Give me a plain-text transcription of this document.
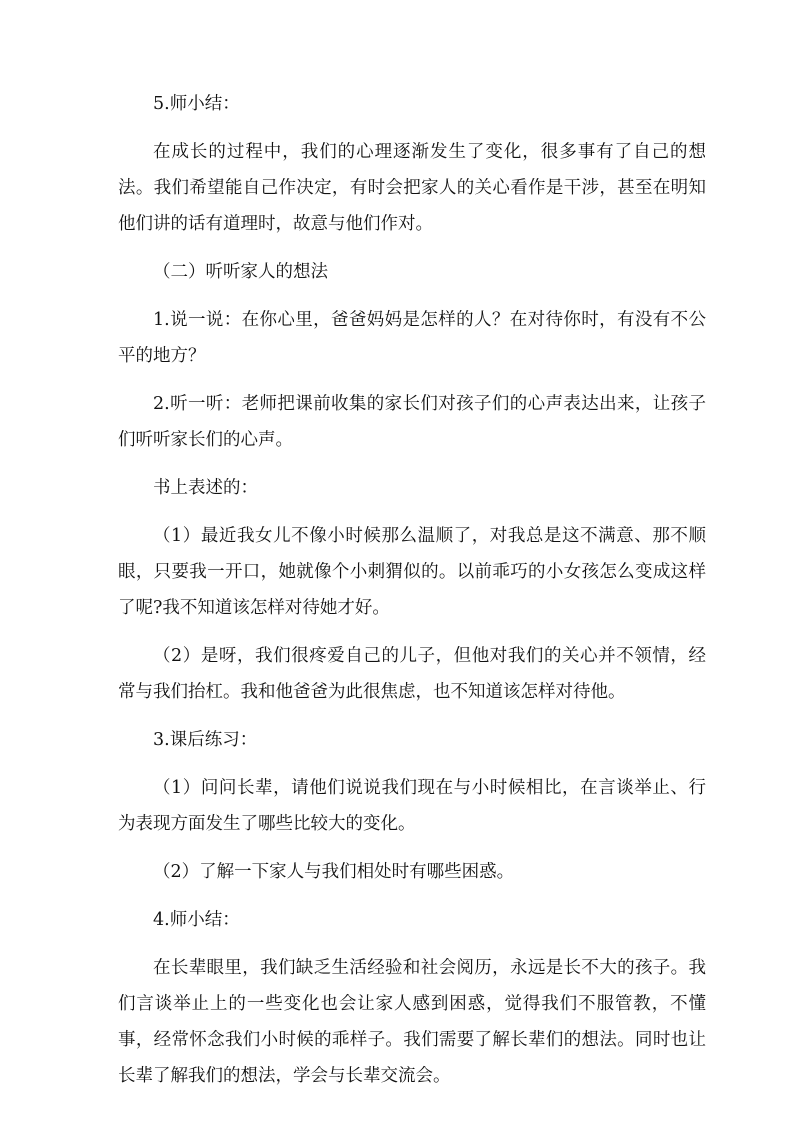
5.师小结：

在成长的过程中，我们的心理逐渐发生了变化，很多事有了自己的想法。我们希望能自己作决定，有时会把家人的关心看作是干涉，甚至在明知他们讲的话有道理时，故意与他们作对。

（二）听听家人的想法

1.说一说：在你心里，爸爸妈妈是怎样的人？在对待你时，有没有不公平的地方？

2.听一听：老师把课前收集的家长们对孩子们的心声表达出来，让孩子们听听家长们的心声。

书上表述的：

（1）最近我女儿不像小时候那么温顺了，对我总是这不满意、那不顺眼，只要我一开口，她就像个小刺猬似的。以前乖巧的小女孩怎么变成这样了呢?我不知道该怎样对待她才好。

（2）是呀，我们很疼爱自己的儿子，但他对我们的关心并不领情，经常与我们抬杠。我和他爸爸为此很焦虑，也不知道该怎样对待他。

3.课后练习：

（1）问问长辈，请他们说说我们现在与小时候相比，在言谈举止、行为表现方面发生了哪些比较大的变化。

（2）了解一下家人与我们相处时有哪些困惑。

4.师小结：

在长辈眼里，我们缺乏生活经验和社会阅历，永远是长不大的孩子。我们言谈举止上的一些变化也会让家人感到困惑，觉得我们不服管教，不懂事，经常怀念我们小时候的乖样子。我们需要了解长辈们的想法。同时也让长辈了解我们的想法，学会与长辈交流会。
